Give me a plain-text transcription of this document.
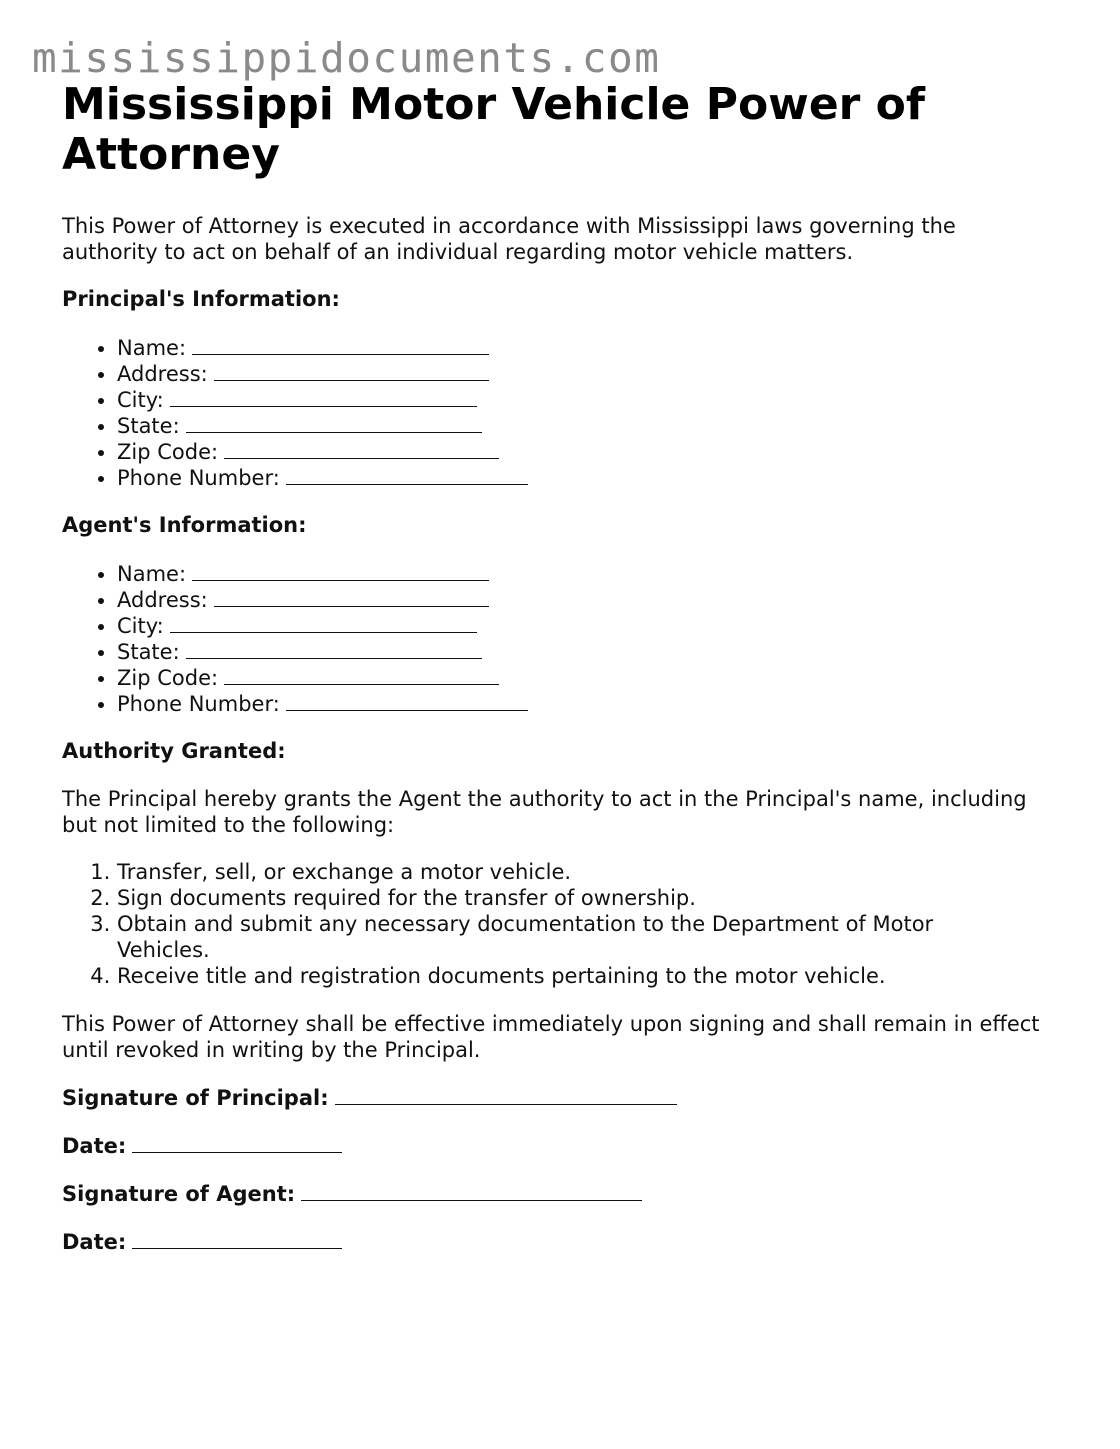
mississippidocuments.com
Mississippi Motor Vehicle Power of Attorney

This Power of Attorney is executed in accordance with Mississippi laws governing the authority to act on behalf of an individual regarding motor vehicle matters.

Principal's Information:
• Name:
• Address:
• City:
• State:
• Zip Code:
• Phone Number:
Agent's Information:
• Name:
• Address:
• City:
• State:
• Zip Code:
• Phone Number:
Authority Granted:

The Principal hereby grants the Agent the authority to act in the Principal's name, including but not limited to the following:

1. Transfer, sell, or exchange a motor vehicle.
2. Sign documents required for the transfer of ownership.
3. Obtain and submit any necessary documentation to the Department of Motor Vehicles.
4. Receive title and registration documents pertaining to the motor vehicle.

This Power of Attorney shall be effective immediately upon signing and shall remain in effect until revoked in writing by the Principal.

Signature of Principal:
Date:
Signature of Agent:
Date:
